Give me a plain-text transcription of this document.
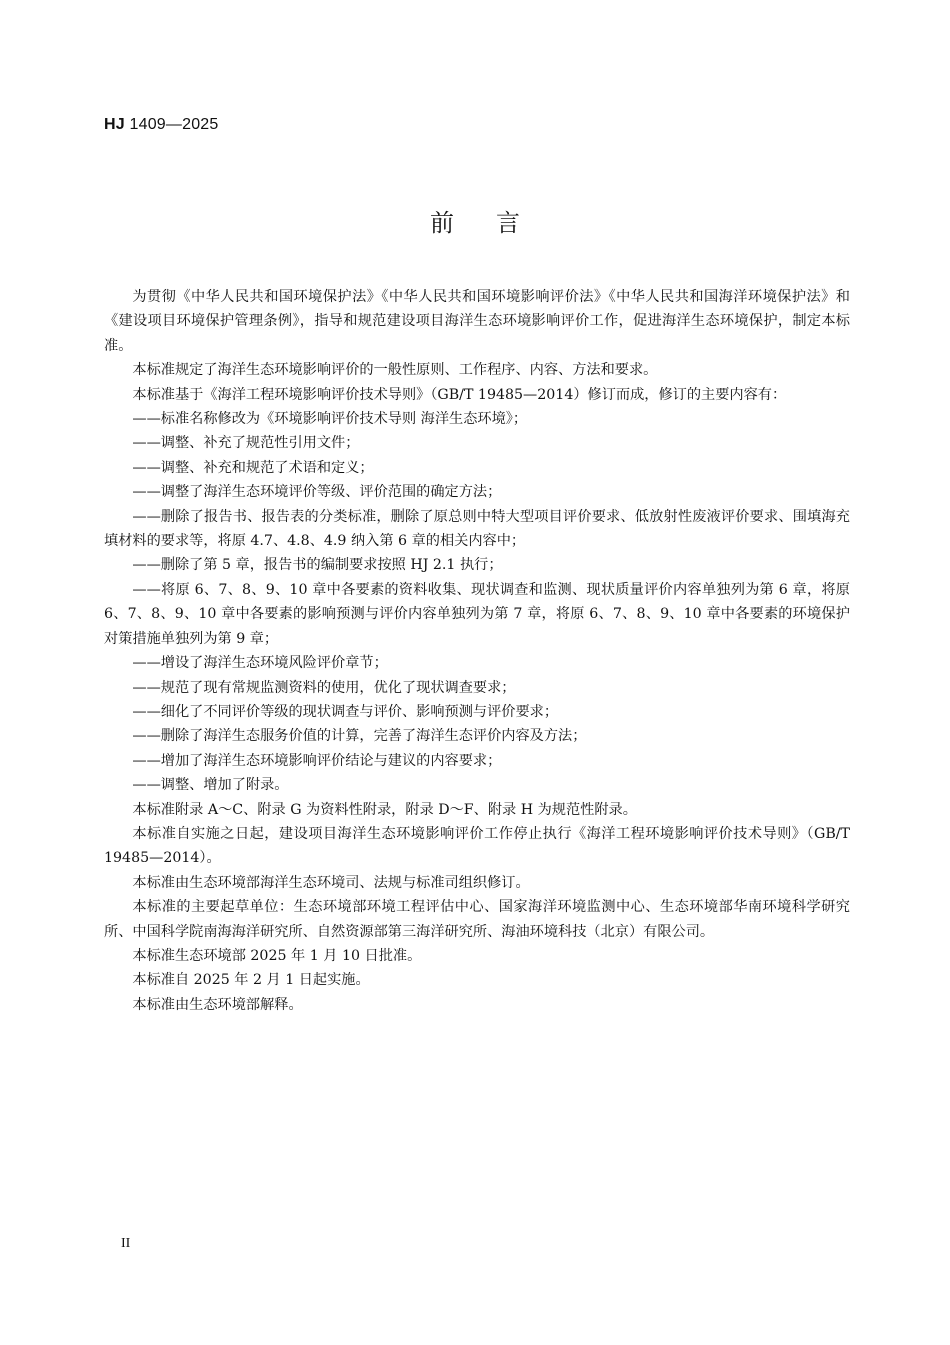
HJ 1409—2025
前言

为贯彻《中华人民共和国环境保护法》《中华人民共和国环境影响评价法》《中华人民共和国海洋环境保护法》和《建设项目环境保护管理条例》，指导和规范建设项目海洋生态环境影响评价工作，促进海洋生态环境保护，制定本标准。

本标准规定了海洋生态环境影响评价的一般性原则、工作程序、内容、方法和要求。

本标准基于《海洋工程环境影响评价技术导则》（GB/T 19485—2014）修订而成，修订的主要内容有：

——标准名称修改为《环境影响评价技术导则 海洋生态环境》；

——调整、补充了规范性引用文件；

——调整、补充和规范了术语和定义；

——调整了海洋生态环境评价等级、评价范围的确定方法；

——删除了报告书、报告表的分类标准，删除了原总则中特大型项目评价要求、低放射性废液评价要求、围填海充填材料的要求等，将原 4.7、4.8、4.9 纳入第 6 章的相关内容中；

——删除了第 5 章，报告书的编制要求按照 HJ 2.1 执行；

——将原 6、7、8、9、10 章中各要素的资料收集、现状调查和监测、现状质量评价内容单独列为第 6 章，将原 6、7、8、9、10 章中各要素的影响预测与评价内容单独列为第 7 章，将原 6、7、8、9、10 章中各要素的环境保护对策措施单独列为第 9 章；

——增设了海洋生态环境风险评价章节；

——规范了现有常规监测资料的使用，优化了现状调查要求；

——细化了不同评价等级的现状调查与评价、影响预测与评价要求；

——删除了海洋生态服务价值的计算，完善了海洋生态评价内容及方法；

——增加了海洋生态环境影响评价结论与建议的内容要求；

——调整、增加了附录。

本标准附录 A～C、附录 G 为资料性附录，附录 D～F、附录 H 为规范性附录。

本标准自实施之日起，建设项目海洋生态环境影响评价工作停止执行《海洋工程环境影响评价技术导则》（GB/T 19485—2014）。

本标准由生态环境部海洋生态环境司、法规与标准司组织修订。

本标准的主要起草单位：生态环境部环境工程评估中心、国家海洋环境监测中心、生态环境部华南环境科学研究所、中国科学院南海海洋研究所、自然资源部第三海洋研究所、海油环境科技（北京）有限公司。

本标准生态环境部 2025 年 1 月 10 日批准。

本标准自 2025 年 2 月 1 日起实施。

本标准由生态环境部解释。

II
